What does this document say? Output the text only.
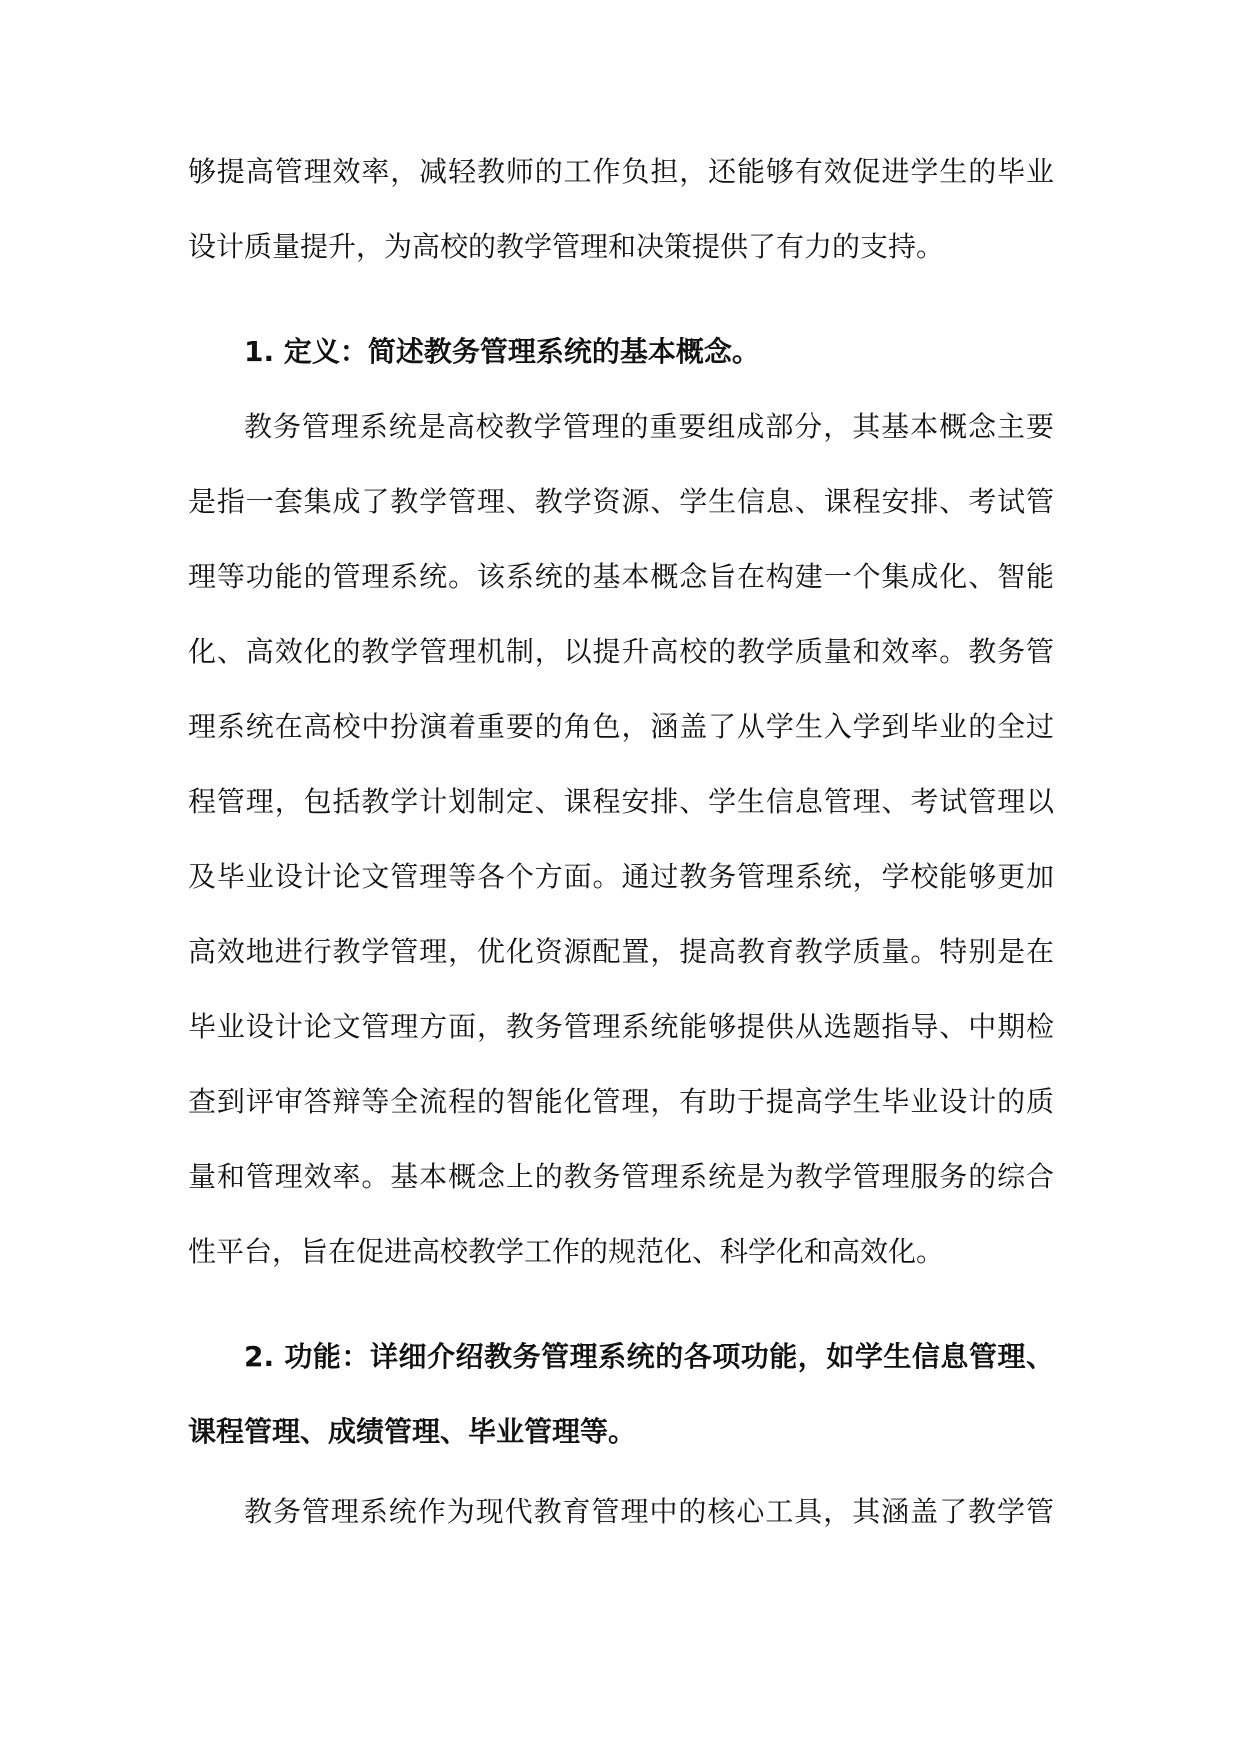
够提高管理效率，减轻教师的工作负担，还能够有效促进学生的毕业
设计质量提升，为高校的教学管理和决策提供了有力的支持。
1. 定义：简述教务管理系统的基本概念。
教务管理系统是高校教学管理的重要组成部分，其基本概念主要
是指一套集成了教学管理、教学资源、学生信息、课程安排、考试管
理等功能的管理系统。该系统的基本概念旨在构建一个集成化、智能
化、高效化的教学管理机制，以提升高校的教学质量和效率。教务管
理系统在高校中扮演着重要的角色，涵盖了从学生入学到毕业的全过
程管理，包括教学计划制定、课程安排、学生信息管理、考试管理以
及毕业设计论文管理等各个方面。通过教务管理系统，学校能够更加
高效地进行教学管理，优化资源配置，提高教育教学质量。特别是在
毕业设计论文管理方面，教务管理系统能够提供从选题指导、中期检
查到评审答辩等全流程的智能化管理，有助于提高学生毕业设计的质
量和管理效率。基本概念上的教务管理系统是为教学管理服务的综合
性平台，旨在促进高校教学工作的规范化、科学化和高效化。
2. 功能：详细介绍教务管理系统的各项功能，如学生信息管理、
课程管理、成绩管理、毕业管理等。
教务管理系统作为现代教育管理中的核心工具，其涵盖了教学管
